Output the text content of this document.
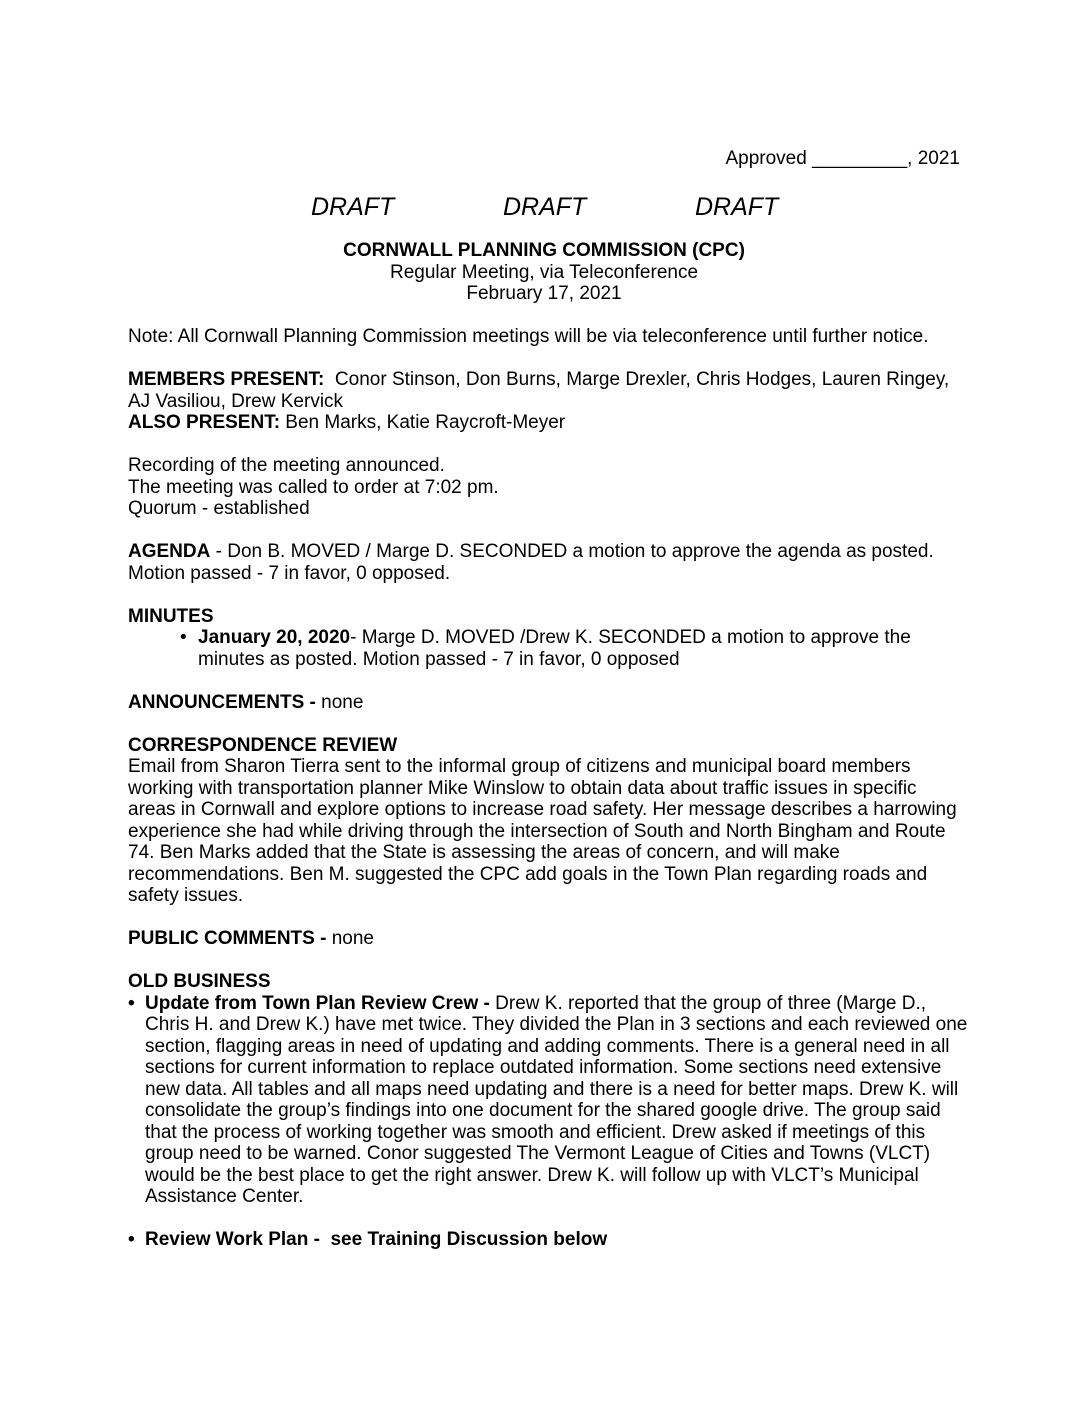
Approved _________, 2021
DRAFT	DRAFT	DRAFT
CORNWALL PLANNING COMMISSION (CPC)
Regular Meeting, via Teleconference
February 17, 2021

Note: All Cornwall Planning Commission meetings will be via teleconference until further notice.

MEMBERS PRESENT:  Conor Stinson, Don Burns, Marge Drexler, Chris Hodges, Lauren Ringey, AJ Vasiliou, Drew Kervick

ALSO PRESENT: Ben Marks, Katie Raycroft-Meyer

Recording of the meeting announced.

The meeting was called to order at 7:02 pm.

Quorum - established

AGENDA - Don B. MOVED / Marge D. SECONDED a motion to approve the agenda as posted. Motion passed - 7 in favor, 0 opposed.

MINUTES

• January 20, 2020- Marge D. MOVED /Drew K. SECONDED a motion to approve the minutes as posted. Motion passed - 7 in favor, 0 opposed

ANNOUNCEMENTS - none

CORRESPONDENCE REVIEW

Email from Sharon Tierra sent to the informal group of citizens and municipal board members working with transportation planner Mike Winslow to obtain data about traffic issues in specific areas in Cornwall and explore options to increase road safety. Her message describes a harrowing experience she had while driving through the intersection of South and North Bingham and Route 74. Ben Marks added that the State is assessing the areas of concern, and will make recommendations. Ben M. suggested the CPC add goals in the Town Plan regarding roads and safety issues.

PUBLIC COMMENTS - none

OLD BUSINESS

• Update from Town Plan Review Crew - Drew K. reported that the group of three (Marge D., Chris H. and Drew K.) have met twice. They divided the Plan in 3 sections and each reviewed one section, flagging areas in need of updating and adding comments. There is a general need in all sections for current information to replace outdated information. Some sections need extensive new data. All tables and all maps need updating and there is a need for better maps. Drew K. will consolidate the group’s findings into one document for the shared google drive. The group said that the process of working together was smooth and efficient. Drew asked if meetings of this group need to be warned. Conor suggested The Vermont League of Cities and Towns (VLCT) would be the best place to get the right answer. Drew K. will follow up with VLCT’s Municipal Assistance Center.
• Review Work Plan -  see Training Discussion below
